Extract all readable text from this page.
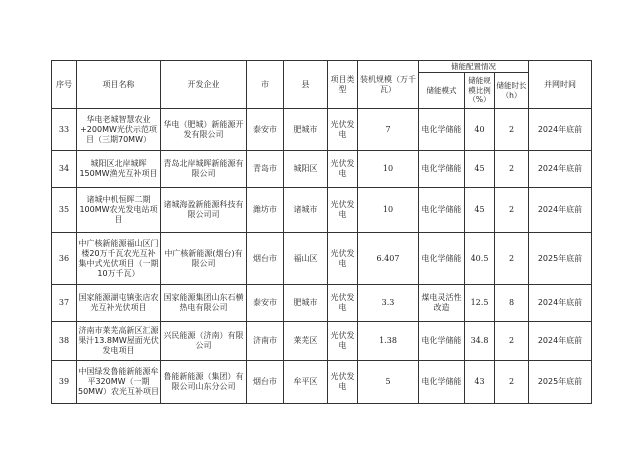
序号	项目名称	开发企业	市	县	项目类型	装机规模（万千瓦）	储能配置情况			并网时间
							储能模式	储能规模比例（%）	储能时长（h）	
33	华电老城智慧农业+200MW光伏示范项目（三期70MW）	华电（肥城）新能源开发有限公司	泰安市	肥城市	光伏发电	7	电化学储能	40	2	2024年底前
34	城阳区北岸城晖150MW渔光互补项目	青岛北岸城晖新能源有限公司	青岛市	城阳区	光伏发电	10	电化学储能	45	2	2024年底前
35	诸城中机恒晖二期100MW农光发电站项目	诸城海盈新能源科技有限公司司	潍坊市	诸城市	光伏发电	10	电化学储能	45	2	2024年底前
36	中广核新能源福山区门楼20万千瓦农光互补集中式光伏项目（一期10万千瓦）	中广核新能源(烟台)有限公司	烟台市	福山区	光伏发电	6.407	电化学储能	40.5	2	2025年底前
37	国家能源湖屯镇张店农光互补光伏项目	国家能源集团山东石横热电有限公司	泰安市	肥城市	光伏发电	3.3	煤电灵活性改造	12.5	8	2024年底前
38	济南市莱芜高新区汇源果汁13.8MW屋面光伏发电项目	兴民能源（济南）有限公司	济南市	莱芜区	光伏发电	1.38	电化学储能	34.8	2	2024年底前
39	中国绿发鲁能新能源牟平320MW（一期50MW）农光互补项目	鲁能新能源（集团）有限公司山东分公司	烟台市	牟平区	光伏发电	5	电化学储能	43	2	2025年底前
